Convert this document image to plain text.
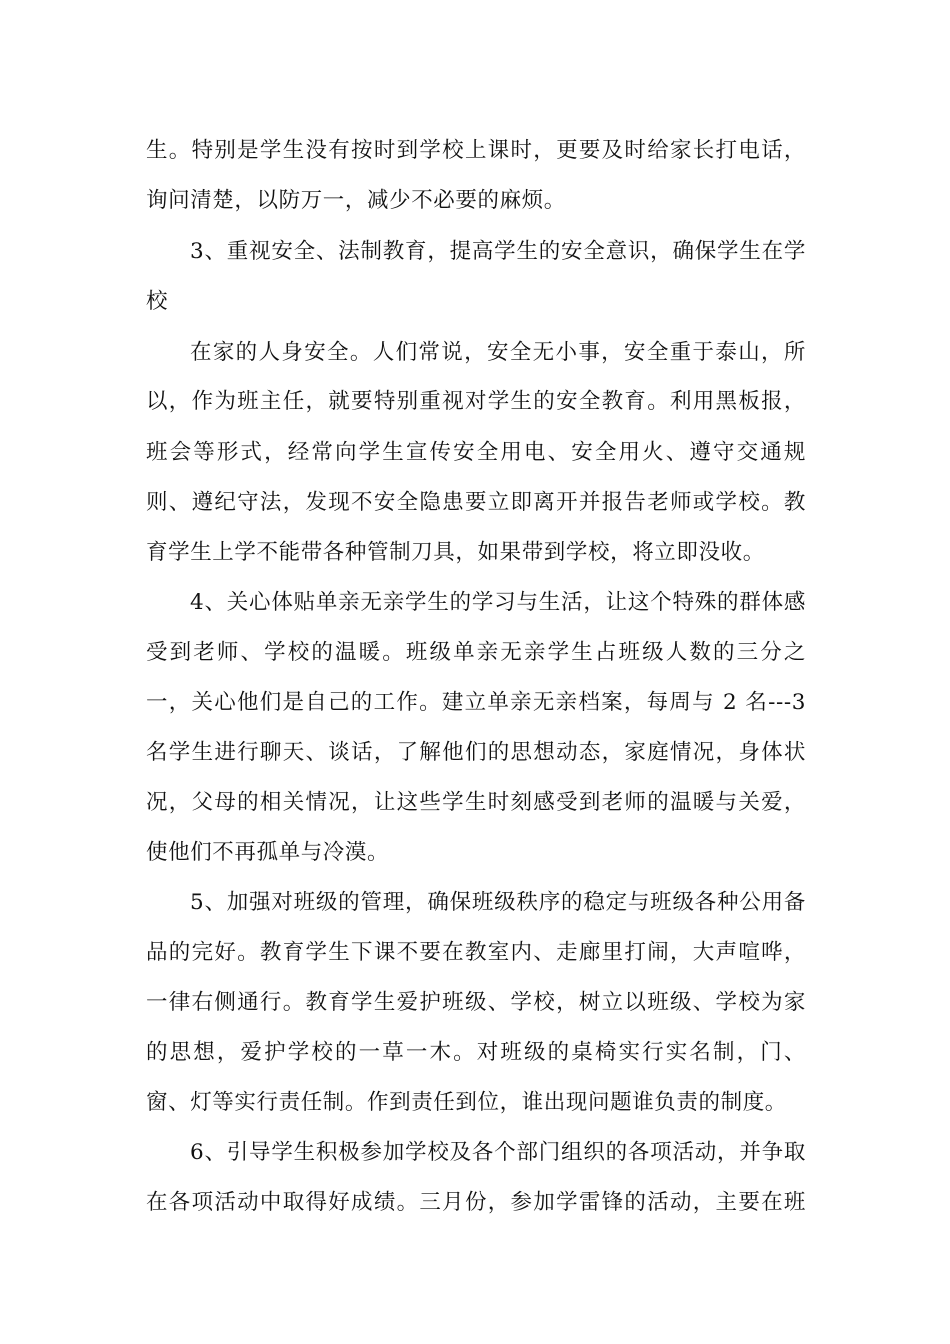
生。特别是学生没有按时到学校上课时，更要及时给家长打电话，
询问清楚，以防万一，减少不必要的麻烦。
3、重视安全、法制教育，提高学生的安全意识，确保学生在学
校
在家的人身安全。人们常说，安全无小事，安全重于泰山，所
以，作为班主任，就要特别重视对学生的安全教育。利用黑板报，
班会等形式，经常向学生宣传安全用电、安全用火、遵守交通规
则、遵纪守法，发现不安全隐患要立即离开并报告老师或学校。教
育学生上学不能带各种管制刀具，如果带到学校，将立即没收。
4、关心体贴单亲无亲学生的学习与生活，让这个特殊的群体感
受到老师、学校的温暖。班级单亲无亲学生占班级人数的三分之
一，关心他们是自己的工作。建立单亲无亲档案，每周与 2 名---3
名学生进行聊天、谈话，了解他们的思想动态，家庭情况，身体状
况，父母的相关情况，让这些学生时刻感受到老师的温暖与关爱，
使他们不再孤单与冷漠。
5、加强对班级的管理，确保班级秩序的稳定与班级各种公用备
品的完好。教育学生下课不要在教室内、走廊里打闹，大声喧哗，
一律右侧通行。教育学生爱护班级、学校，树立以班级、学校为家
的思想，爱护学校的一草一木。对班级的桌椅实行实名制，门、
窗、灯等实行责任制。作到责任到位，谁出现问题谁负责的制度。
6、引导学生积极参加学校及各个部门组织的各项活动，并争取
在各项活动中取得好成绩。三月份，参加学雷锋的活动，主要在班
